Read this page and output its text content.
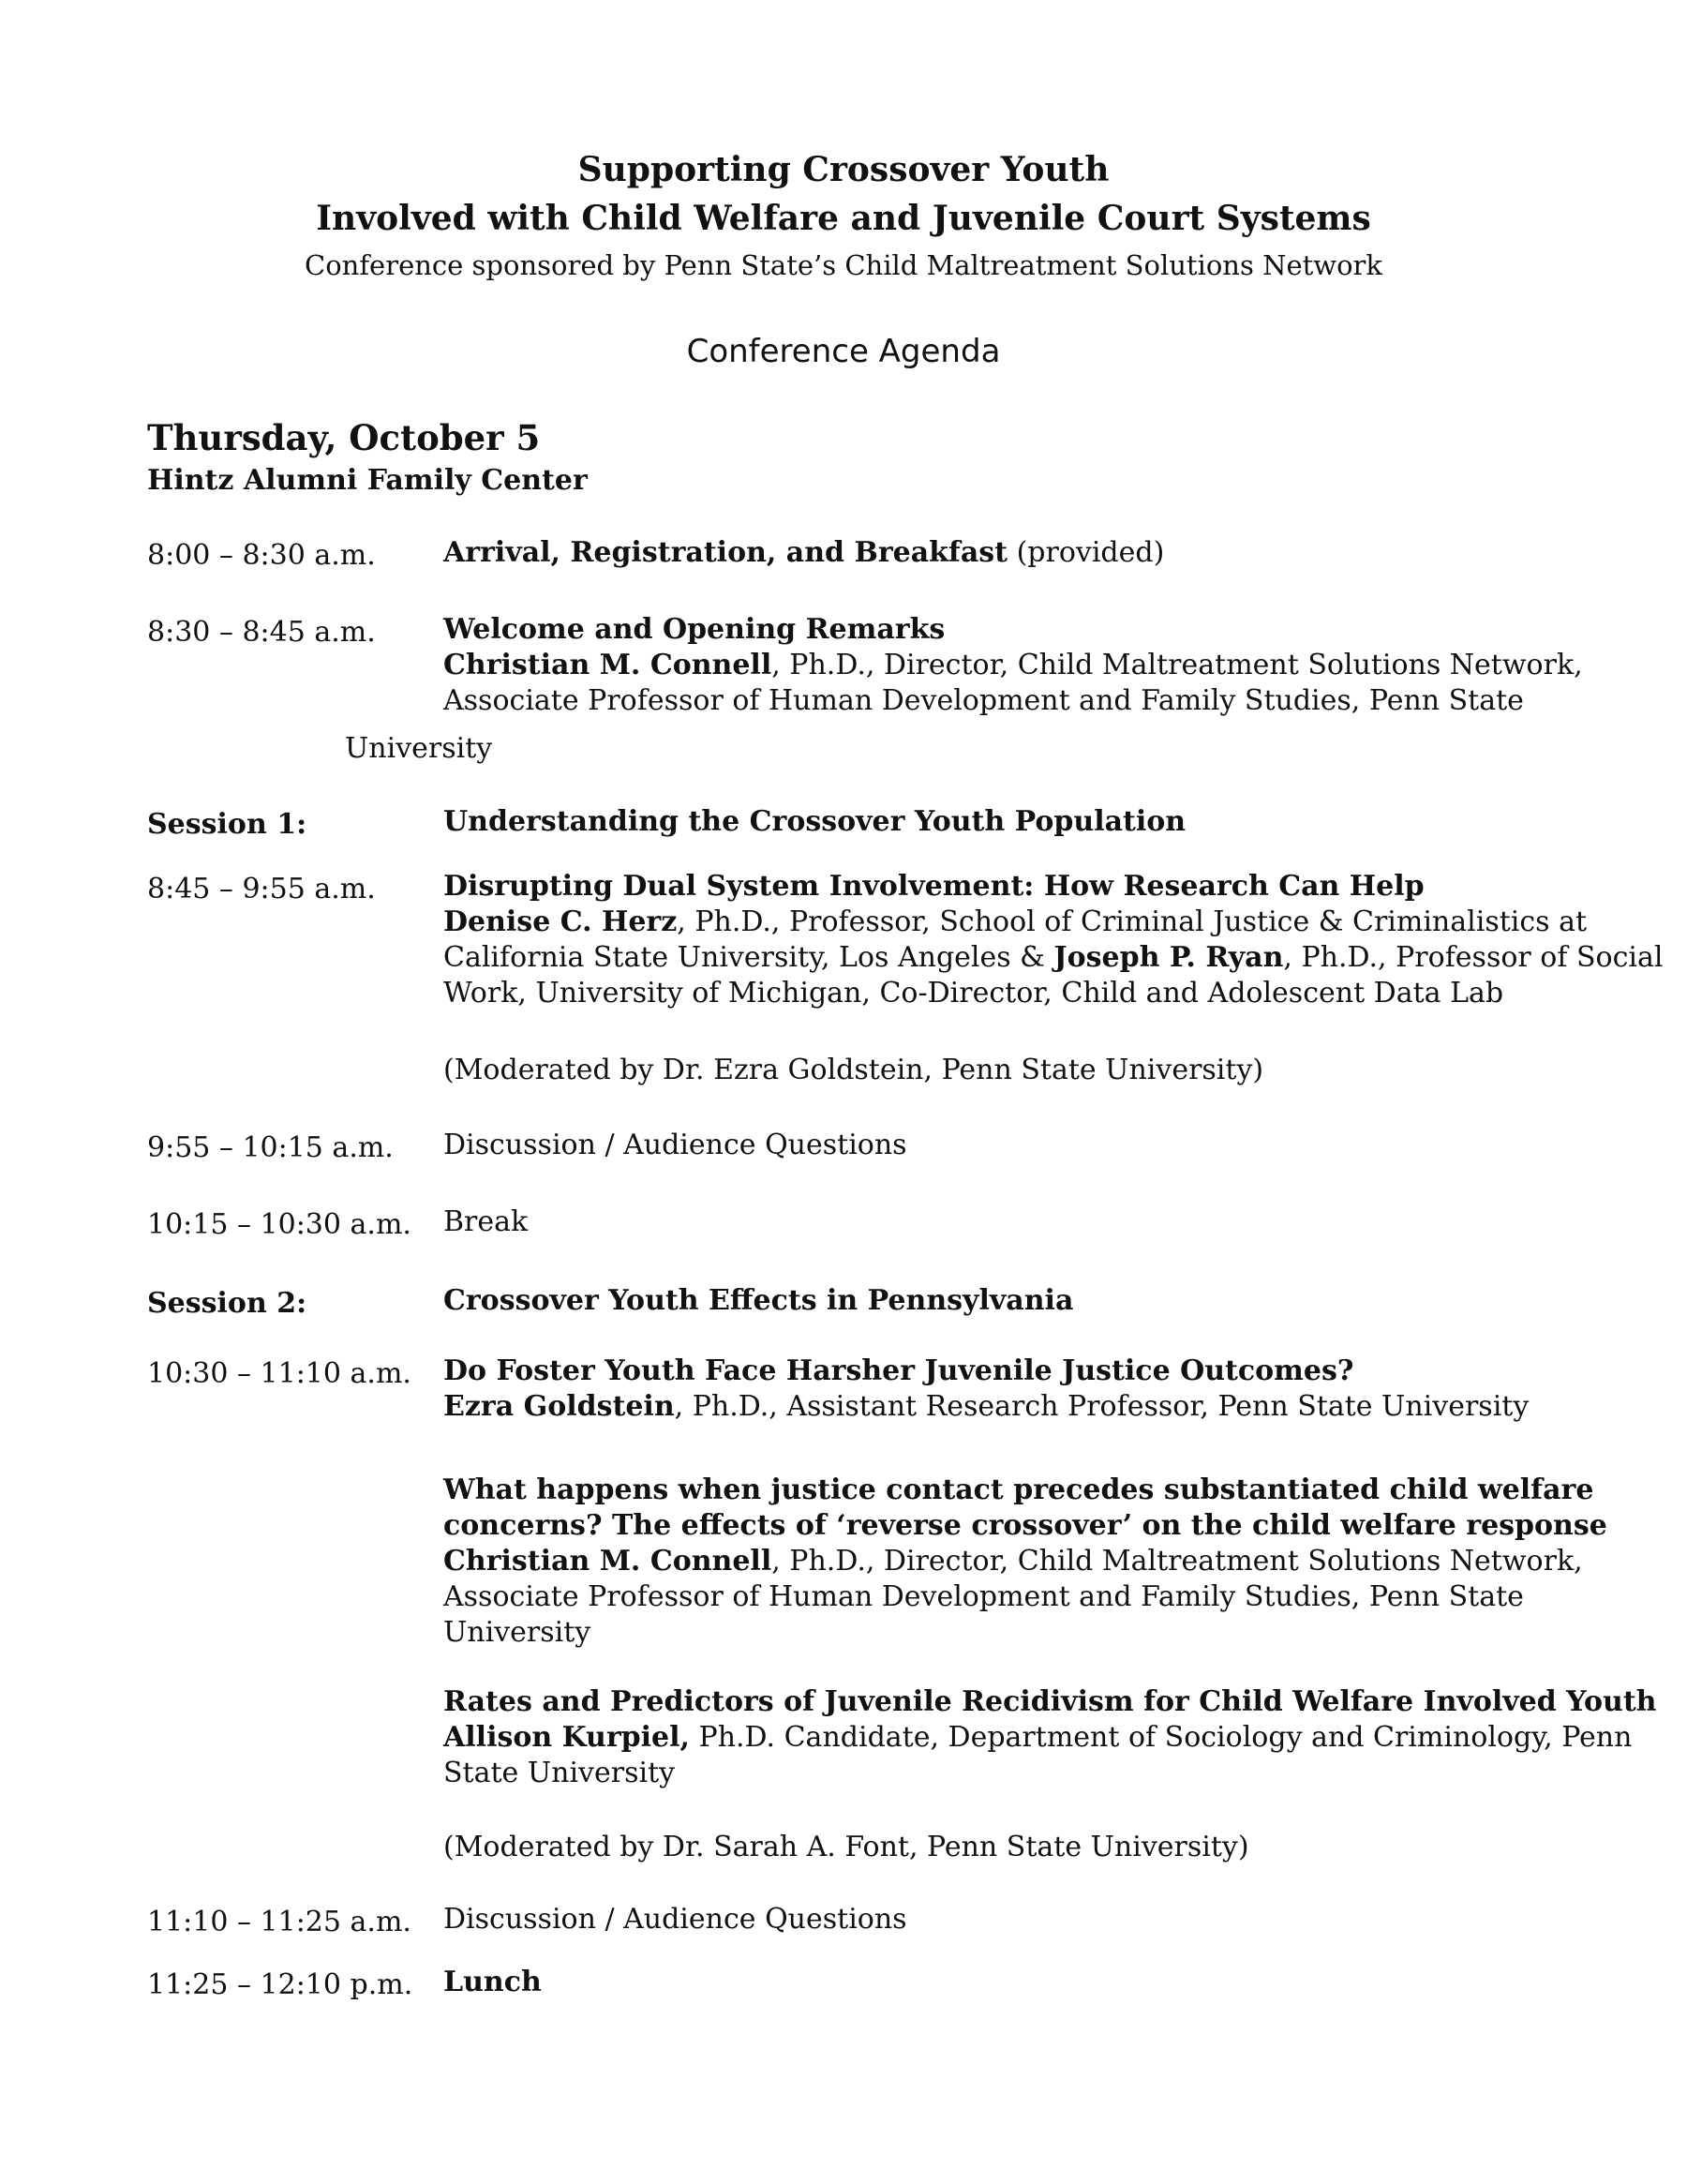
Supporting Crossover Youth
Involved with Child Welfare and Juvenile Court Systems
Conference sponsored by Penn State’s Child Maltreatment Solutions Network
Conference Agenda
Thursday, October 5
Hintz Alumni Family Center
8:00 – 8:30 a.m. Arrival, Registration, and Breakfast (provided)
8:30 – 8:45 a.m. Welcome and Opening Remarks
Christian M. Connell, Ph.D., Director, Child Maltreatment Solutions Network,
Associate Professor of Human Development and Family Studies, Penn State
University
Session 1:	Understanding the Crossover Youth Population
8:45 – 9:55 a.m. Disrupting Dual System Involvement: How Research Can Help
Denise C. Herz, Ph.D., Professor, School of Criminal Justice & Criminalistics at
California State University, Los Angeles & Joseph P. Ryan, Ph.D., Professor of Social
Work, University of Michigan, Co-Director, Child and Adolescent Data Lab
(Moderated by Dr. Ezra Goldstein, Penn State University)
9:55 – 10:15 a.m. Discussion / Audience Questions
10:15 – 10:30 a.m. Break
Session 2:	Crossover Youth Effects in Pennsylvania
10:30 – 11:10 a.m. Do Foster Youth Face Harsher Juvenile Justice Outcomes?
Ezra Goldstein, Ph.D., Assistant Research Professor, Penn State University
What happens when justice contact precedes substantiated child welfare
concerns? The effects of ‘reverse crossover’ on the child welfare response
Christian M. Connell, Ph.D., Director, Child Maltreatment Solutions Network,
Associate Professor of Human Development and Family Studies, Penn State
University
Rates and Predictors of Juvenile Recidivism for Child Welfare Involved Youth
Allison Kurpiel, Ph.D. Candidate, Department of Sociology and Criminology, Penn
State University
(Moderated by Dr. Sarah A. Font, Penn State University)
11:10 – 11:25 a.m. Discussion / Audience Questions
11:25 – 12:10 p.m. Lunch
